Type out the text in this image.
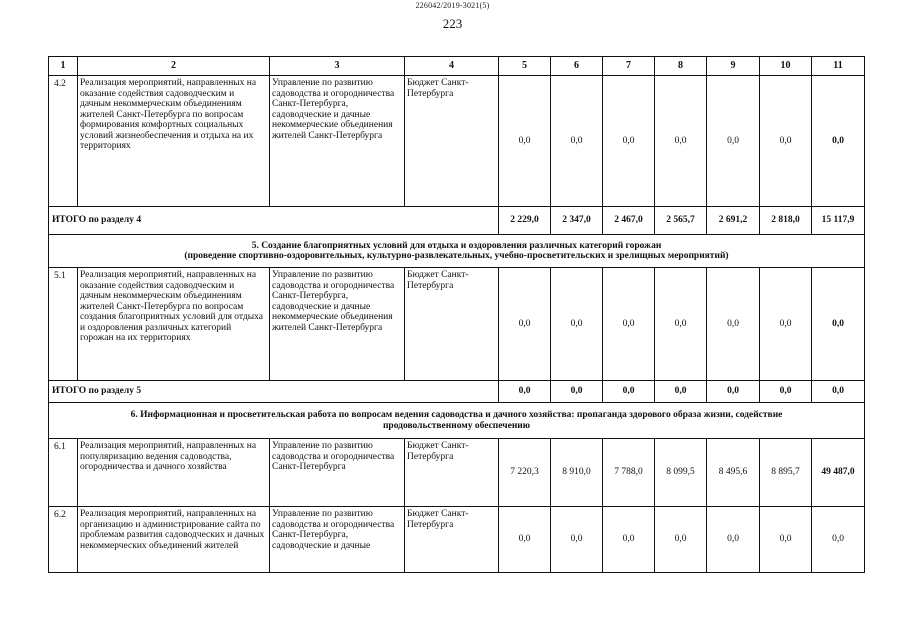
226042/2019-3021(5)
223
1	2	3	4	5	6	7	8	9	10	11
4.2	Реализация мероприятий, направленных на оказание содействия садоводческим и дачным некоммерческим объединениям жителей Санкт-Петербурга по вопросам формирования комфортных социальных условий жизнеобеспечения и отдыха на их территориях	Управление по развитию садоводства и огородничества Санкт-Петербурга, садоводческие и дачные некоммерческие объединения жителей Санкт-Петербурга	Бюджет Санкт-Петербурга	0,0	0,0	0,0	0,0	0,0	0,0	0,0
ИТОГО по разделу 4				2 229,0	2 347,0	2 467,0	2 565,7	2 691,2	2 818,0	15 117,9
5. Создание благоприятных условий для отдыха и оздоровления различных категорий горожан
(проведение спортивно-оздоровительных, культурно-развлекательных, учебно-просветительских и зрелищных мероприятий)										

5.1	Реализация мероприятий, направленных на оказание содействия садоводческим и дачным некоммерческим объединениям жителей Санкт-Петербурга по вопросам создания благоприятных условий для отдыха и оздоровления различных категорий горожан на их территориях	Управление по развитию садоводства и огородничества Санкт-Петербурга, садоводческие и дачные некоммерческие объединения жителей Санкт-Петербурга	Бюджет Санкт-Петербурга	0,0	0,0	0,0	0,0	0,0	0,0	0,0
ИТОГО по разделу 5				0,0	0,0	0,0	0,0	0,0	0,0	0,0
6. Информационная и просветительская работа по вопросам ведения садоводства и дачного хозяйства: пропаганда здорового образа жизни, содействие
продовольственному обеспечению										

6.1	Реализация мероприятий, направленных на популяризацию ведения садоводства, огородничества и дачного хозяйства	Управление по развитию садоводства и огородничества Санкт-Петербурга	Бюджет Санкт-Петербурга	7 220,3	8 910,0	7 788,0	8 099,5	8 495,6	8 895,7	49 487,0
6.2	Реализация мероприятий, направленных на организацию и администрирование сайта по проблемам развития садоводческих и дачных некоммерческих объединений жителей	Управление по развитию садоводства и огородничества Санкт-Петербурга, садоводческие и дачные	Бюджет Санкт-Петербурга	0,0	0,0	0,0	0,0	0,0	0,0	0,0
